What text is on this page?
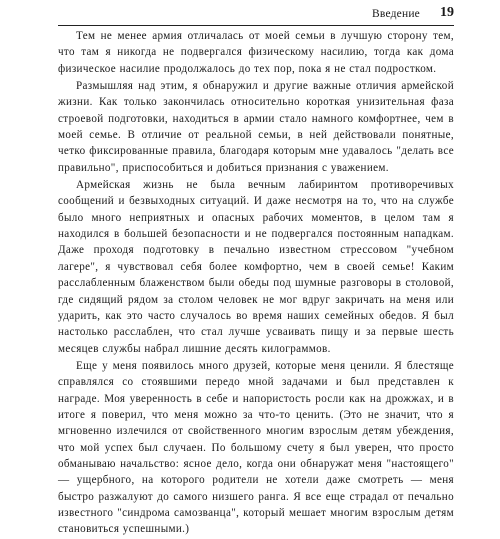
Введение 19

Тем не менее армия отличалась от моей семьи в лучшую сторону тем, что там я никогда не подвергался физическому насилию, тогда как дома физическое насилие продолжалось до тех пор, пока я не стал подростком.

Размышляя над этим, я обнаружил и другие важные отличия армейской жизни. Как только закончилась относительно короткая унизительная фаза строевой подготовки, находиться в армии стало намного комфортнее, чем в моей семье. В отличие от реальной семьи, в ней действовали понятные, четко фиксированные правила, благодаря которым мне удавалось "делать все правильно", приспособиться и добиться признания с уважением.

Армейская жизнь не была вечным лабиринтом противоречивых сообщений и безвыходных ситуаций. И даже несмотря на то, что на службе было много неприятных и опасных рабочих моментов, в целом там я находился в большей безопасности и не подвергался постоянным нападкам. Даже проходя подготовку в печально известном стрессовом "учебном лагере", я чувствовал себя более комфортно, чем в своей семье! Каким расслабленным блаженством были обеды под шумные разговоры в столовой, где сидящий рядом за столом человек не мог вдруг закричать на меня или ударить, как это часто случалось во время наших семейных обедов. Я был настолько расслаблен, что стал лучше усваивать пищу и за первые шесть месяцев службы набрал лишние десять килограммов.

Еще у меня появилось много друзей, которые меня ценили. Я блестяще справлялся со стоявшими передо мной задачами и был представлен к награде. Моя уверенность в себе и напористость росли как на дрожжах, и в итоге я поверил, что меня можно за что-то ценить. (Это не значит, что я мгновенно излечился от свойственного многим взрослым детям убеждения, что мой успех был случаен. По большому счету я был уверен, что просто обманываю начальство: ясное дело, когда они обнаружат меня "настоящего" — ущербного, на которого родители не хотели даже смотреть — меня быстро разжалуют до самого низшего ранга. Я все еще страдал от печально известного "синдрома самозванца", который мешает многим взрослым детям становиться успешными.)
